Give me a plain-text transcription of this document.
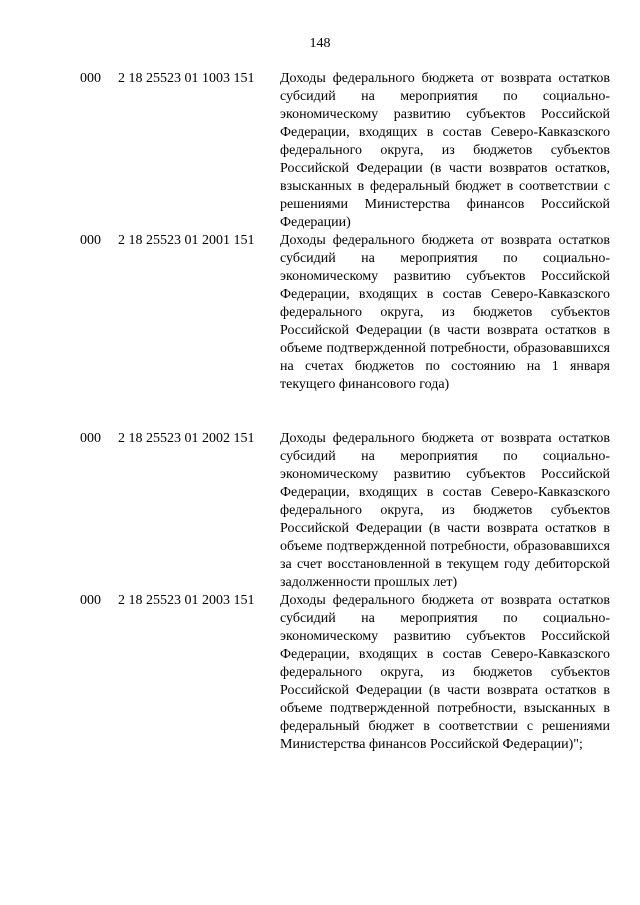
148
000	2 18 25523 01 1003 151	Доходы федерального бюджета от возврата остатков субсидий на мероприятия по социально-экономическому развитию субъектов Российской Федерации, входящих в состав Северо-Кавказского федерального округа, из бюджетов субъектов Российской Федерации (в части возвратов остатков, взысканных в федеральный бюджет в соответствии с решениями Министерства финансов Российской Федерации)
000	2 18 25523 01 2001 151	Доходы федерального бюджета от возврата остатков субсидий на мероприятия по социально-экономическому развитию субъектов Российской Федерации, входящих в состав Северо-Кавказского федерального округа, из бюджетов субъектов Российской Федерации (в части возврата остатков в объеме подтвержденной потребности, образовавшихся на счетах бюджетов по состоянию на 1 января текущего финансового года)
000	2 18 25523 01 2002 151	Доходы федерального бюджета от возврата остатков субсидий на мероприятия по социально-экономическому развитию субъектов Российской Федерации, входящих в состав Северо-Кавказского федерального округа, из бюджетов субъектов Российской Федерации (в части возврата остатков в объеме подтвержденной потребности, образовавшихся за счет восстановленной в текущем году дебиторской задолженности прошлых лет)
000	2 18 25523 01 2003 151	Доходы федерального бюджета от возврата остатков субсидий на мероприятия по социально-экономическому развитию субъектов Российской Федерации, входящих в состав Северо-Кавказского федерального округа, из бюджетов субъектов Российской Федерации (в части возврата остатков в объеме подтвержденной потребности, взысканных в федеральный бюджет в соответствии с решениями Министерства финансов Российской Федерации)";
